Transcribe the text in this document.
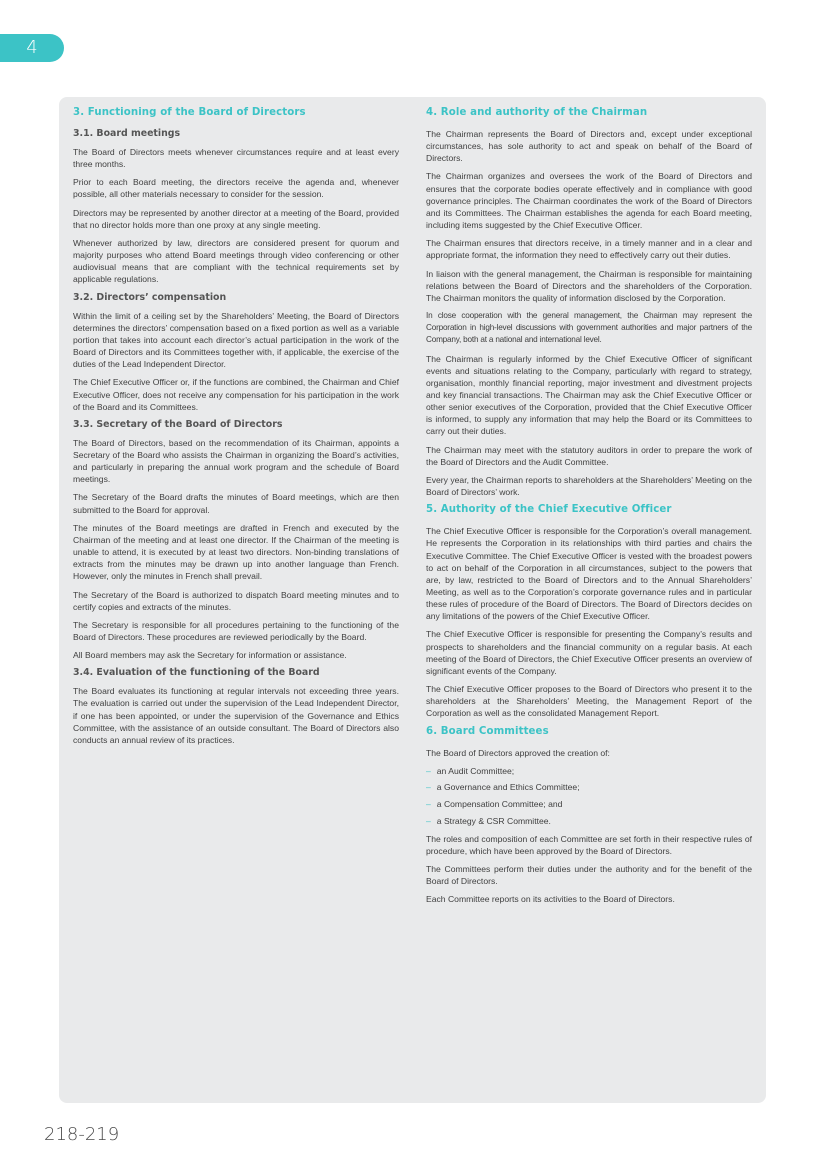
4
3. Functioning of the Board of Directors
3.1. Board meetings

The Board of Directors meets whenever circumstances require and at least every three months.

Prior to each Board meeting, the directors receive the agenda and, whenever possible, all other materials necessary to consider for the session.

Directors may be represented by another director at a meeting of the Board, provided that no director holds more than one proxy at any single meeting.

Whenever authorized by law, directors are considered present for quorum and majority purposes who attend Board meetings through video conferencing or other audiovisual means that are compliant with the technical requirements set by applicable regulations.

3.2. Directors’ compensation

Within the limit of a ceiling set by the Shareholders’ Meeting, the Board of Directors determines the directors’ compensation based on a fixed portion as well as a variable portion that takes into account each director’s actual participation in the work of the Board of Directors and its Committees together with, if applicable, the exercise of the duties of the Lead Independent Director.

The Chief Executive Officer or, if the functions are combined, the Chairman and Chief Executive Officer, does not receive any compensation for his participation in the work of the Board and its Committees.

3.3. Secretary of the Board of Directors

The Board of Directors, based on the recommendation of its Chairman, appoints a Secretary of the Board who assists the Chairman in organizing the Board’s activities, and particularly in preparing the annual work program and the schedule of Board meetings.

The Secretary of the Board drafts the minutes of Board meetings, which are then submitted to the Board for approval.

The minutes of the Board meetings are drafted in French and executed by the Chairman of the meeting and at least one director. If the Chairman of the meeting is unable to attend, it is executed by at least two directors. Non-binding translations of extracts from the minutes may be drawn up into another language than French. However, only the minutes in French shall prevail.

The Secretary of the Board is authorized to dispatch Board meeting minutes and to certify copies and extracts of the minutes.

The Secretary is responsible for all procedures pertaining to the functioning of the Board of Directors. These procedures are reviewed periodically by the Board.

All Board members may ask the Secretary for information or assistance.

3.4. Evaluation of the functioning of the Board

The Board evaluates its functioning at regular intervals not exceeding three years. The evaluation is carried out under the supervision of the Lead Independent Director, if one has been appointed, or under the supervision of the Governance and Ethics Committee, with the assistance of an outside consultant. The Board of Directors also conducts an annual review of its practices.

4. Role and authority of the Chairman

The Chairman represents the Board of Directors and, except under exceptional circumstances, has sole authority to act and speak on behalf of the Board of Directors.

The Chairman organizes and oversees the work of the Board of Directors and ensures that the corporate bodies operate effectively and in compliance with good governance principles. The Chairman coordinates the work of the Board of Directors and its Committees. The Chairman establishes the agenda for each Board meeting, including items suggested by the Chief Executive Officer.

The Chairman ensures that directors receive, in a timely manner and in a clear and appropriate format, the information they need to effectively carry out their duties.

In liaison with the general management, the Chairman is responsible for maintaining relations between the Board of Directors and the shareholders of the Corporation. The Chairman monitors the quality of information disclosed by the Corporation.

In close cooperation with the general management, the Chairman may represent the Corporation in high-level discussions with government authorities and major partners of the Company, both at a national and international level.

The Chairman is regularly informed by the Chief Executive Officer of significant events and situations relating to the Company, particularly with regard to strategy, organisation, monthly financial reporting, major investment and divestment projects and key financial transactions. The Chairman may ask the Chief Executive Officer or other senior executives of the Corporation, provided that the Chief Executive Officer is informed, to supply any information that may help the Board or its Committees to carry out their duties.

The Chairman may meet with the statutory auditors in order to prepare the work of the Board of Directors and the Audit Committee.

Every year, the Chairman reports to shareholders at the Shareholders’ Meeting on the Board of Directors’ work.

5. Authority of the Chief Executive Officer

The Chief Executive Officer is responsible for the Corporation’s overall management. He represents the Corporation in its relationships with third parties and chairs the Executive Committee. The Chief Executive Officer is vested with the broadest powers to act on behalf of the Corporation in all circumstances, subject to the powers that are, by law, restricted to the Board of Directors and to the Annual Shareholders’ Meeting, as well as to the Corporation’s corporate governance rules and in particular these rules of procedure of the Board of Directors. The Board of Directors decides on any limitations of the powers of the Chief Executive Officer.

The Chief Executive Officer is responsible for presenting the Company’s results and prospects to shareholders and the financial community on a regular basis. At each meeting of the Board of Directors, the Chief Executive Officer presents an overview of significant events of the Company.

The Chief Executive Officer proposes to the Board of Directors who present it to the shareholders at the Shareholders’ Meeting, the Management Report of the Corporation as well as the consolidated Management Report.

6. Board Committees

The Board of Directors approved the creation of:

– an Audit Committee;
– a Governance and Ethics Committee;
– a Compensation Committee; and
– a Strategy & CSR Committee.

The roles and composition of each Committee are set forth in their respective rules of procedure, which have been approved by the Board of Directors.

The Committees perform their duties under the authority and for the benefit of the Board of Directors.

Each Committee reports on its activities to the Board of Directors.

218-219
